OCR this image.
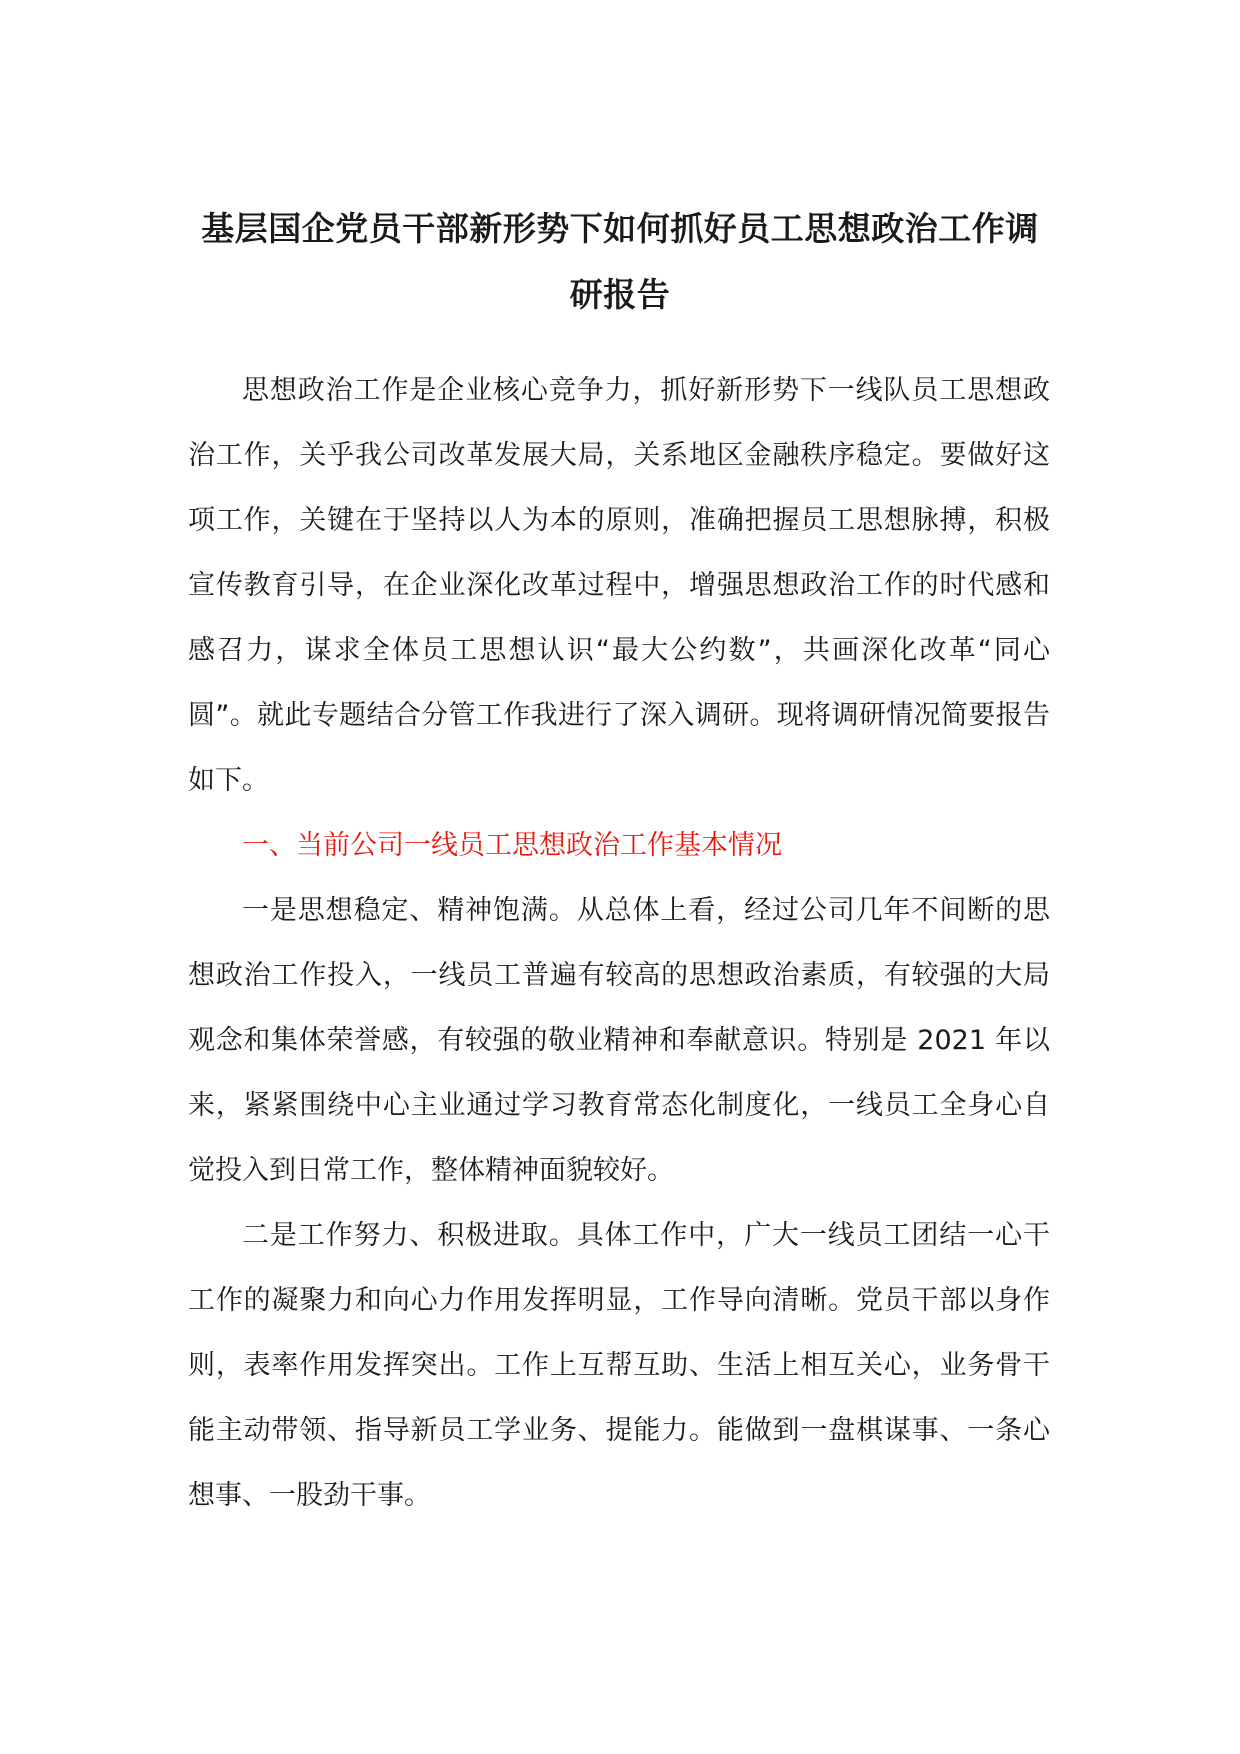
基层国企党员干部新形势下如何抓好员工思想政治工作调研报告

思想政治工作是企业核心竞争力，抓好新形势下一线队员工思想政治工作，关乎我公司改革发展大局，关系地区金融秩序稳定。要做好这项工作，关键在于坚持以人为本的原则，准确把握员工思想脉搏，积极宣传教育引导，在企业深化改革过程中，增强思想政治工作的时代感和感召力，谋求全体员工思想认识“最大公约数”，共画深化改革“同心圆”。就此专题结合分管工作我进行了深入调研。现将调研情况简要报告如下。

一、当前公司一线员工思想政治工作基本情况

一是思想稳定、精神饱满。从总体上看，经过公司几年不间断的思想政治工作投入，一线员工普遍有较高的思想政治素质，有较强的大局观念和集体荣誉感，有较强的敬业精神和奉献意识。特别是 2021 年以来，紧紧围绕中心主业通过学习教育常态化制度化，一线员工全身心自觉投入到日常工作，整体精神面貌较好。

二是工作努力、积极进取。具体工作中，广大一线员工团结一心干工作的凝聚力和向心力作用发挥明显，工作导向清晰。党员干部以身作则，表率作用发挥突出。工作上互帮互助、生活上相互关心，业务骨干能主动带领、指导新员工学业务、提能力。能做到一盘棋谋事、一条心想事、一股劲干事。
